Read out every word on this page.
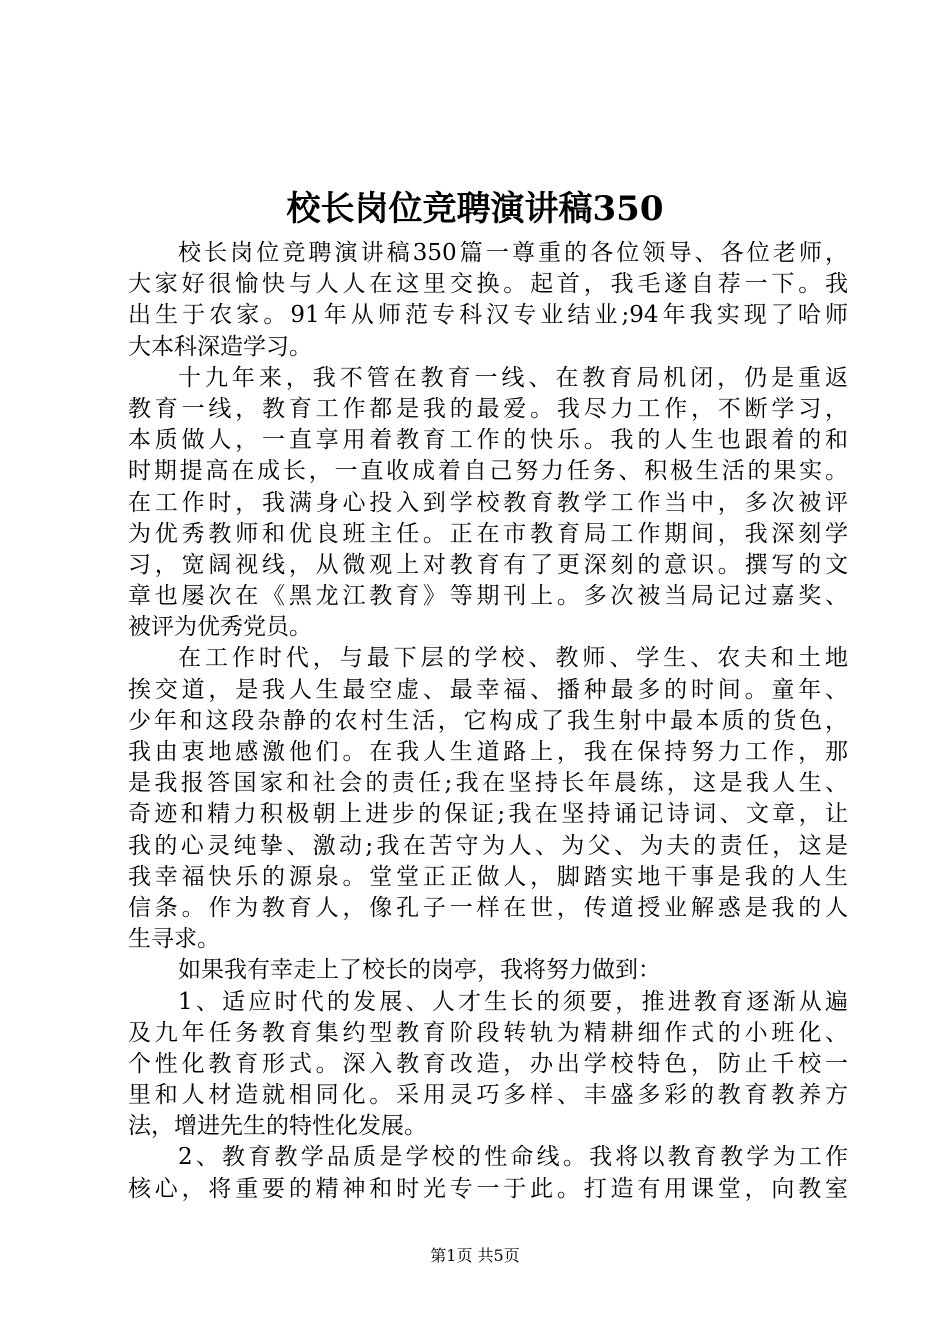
校长岗位竞聘演讲稿350
校长岗位竞聘演讲稿350篇一尊重的各位领导、各位老师，
大家好很愉快与人人在这里交换。起首，我毛遂自荐一下。我
出生于农家。91年从师范专科汉专业结业;94年我实现了哈师
大本科深造学习。
十九年来，我不管在教育一线、在教育局机闭，仍是重返
教育一线，教育工作都是我的最爱。我尽力工作，不断学习，
本质做人，一直享用着教育工作的快乐。我的人生也跟着的和
时期提高在成长，一直收成着自己努力任务、积极生活的果实。
在工作时，我满身心投入到学校教育教学工作当中，多次被评
为优秀教师和优良班主任。正在市教育局工作期间，我深刻学
习，宽阔视线，从微观上对教育有了更深刻的意识。撰写的文
章也屡次在《黑龙江教育》等期刊上。多次被当局记过嘉奖、
被评为优秀党员。
在工作时代，与最下层的学校、教师、学生、农夫和土地
挨交道，是我人生最空虚、最幸福、播种最多的时间。童年、
少年和这段杂静的农村生活，它构成了我生射中最本质的货色，
我由衷地感激他们。在我人生道路上，我在保持努力工作，那
是我报答国家和社会的责任;我在坚持长年晨练，这是我人生、
奇迹和精力积极朝上进步的保证;我在坚持诵记诗词、文章，让
我的心灵纯挚、激动;我在苦守为人、为父、为夫的责任，这是
我幸福快乐的源泉。堂堂正正做人，脚踏实地干事是我的人生
信条。作为教育人，像孔子一样在世，传道授业解惑是我的人
生寻求。
如果我有幸走上了校长的岗亭，我将努力做到：
1、适应时代的发展、人才生长的须要，推进教育逐渐从遍
及九年任务教育集约型教育阶段转轨为精耕细作式的小班化、
个性化教育形式。深入教育改造，办出学校特色，防止千校一
里和人材造就相同化。采用灵巧多样、丰盛多彩的教育教养方
法，增进先生的特性化发展。
2、教育教学品质是学校的性命线。我将以教育教学为工作
核心，将重要的精神和时光专一于此。打造有用课堂，向教室
第1页 共5页
